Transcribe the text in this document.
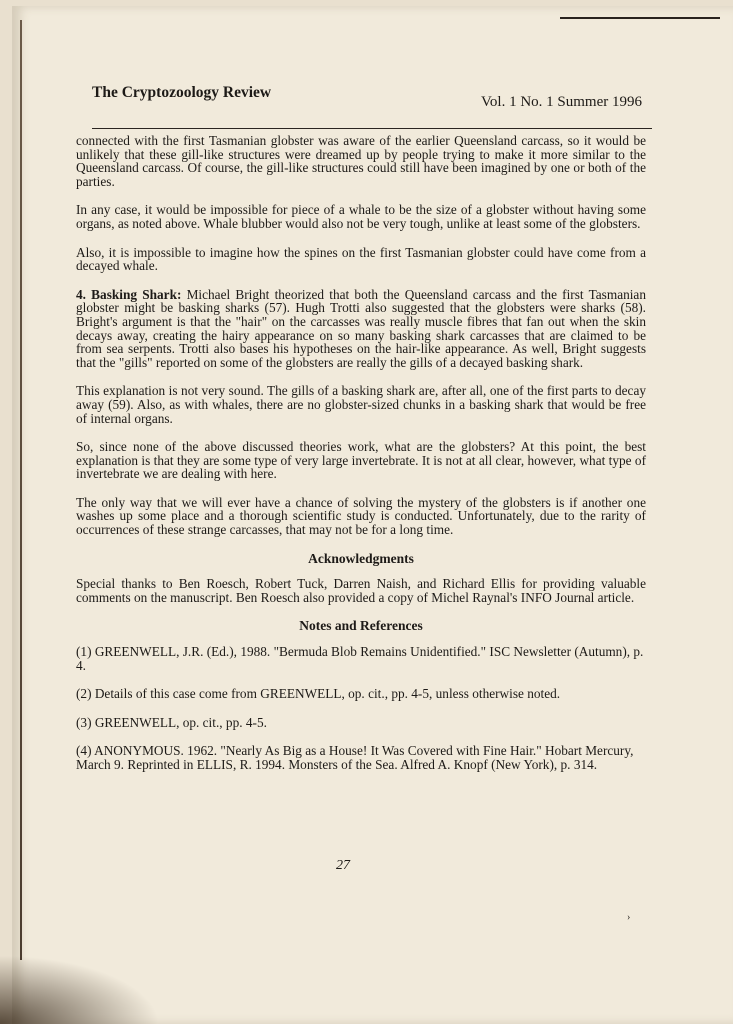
The Cryptozoology Review
Vol. 1 No. 1 Summer 1996

connected with the first Tasmanian globster was aware of the earlier Queensland carcass, so it would be unlikely that these gill-like structures were dreamed up by people trying to make it more similar to the Queensland carcass. Of course, the gill-like structures could still have been imagined by one or both of the parties.

In any case, it would be impossible for piece of a whale to be the size of a globster without having some organs, as noted above. Whale blubber would also not be very tough, unlike at least some of the globsters.

Also, it is impossible to imagine how the spines on the first Tasmanian globster could have come from a decayed whale.

4. Basking Shark: Michael Bright theorized that both the Queensland carcass and the first Tasmanian globster might be basking sharks (57). Hugh Trotti also suggested that the globsters were sharks (58). Bright's argument is that the "hair" on the carcasses was really muscle fibres that fan out when the skin decays away, creating the hairy appearance on so many basking shark carcasses that are claimed to be from sea serpents. Trotti also bases his hypotheses on the hair-like appearance. As well, Bright suggests that the "gills" reported on some of the globsters are really the gills of a decayed basking shark.

This explanation is not very sound. The gills of a basking shark are, after all, one of the first parts to decay away (59). Also, as with whales, there are no globster-sized chunks in a basking shark that would be free of internal organs.

So, since none of the above discussed theories work, what are the globsters? At this point, the best explanation is that they are some type of very large invertebrate. It is not at all clear, however, what type of invertebrate we are dealing with here.

The only way that we will ever have a chance of solving the mystery of the globsters is if another one washes up some place and a thorough scientific study is conducted. Unfortunately, due to the rarity of occurrences of these strange carcasses, that may not be for a long time.

Acknowledgments

Special thanks to Ben Roesch, Robert Tuck, Darren Naish, and Richard Ellis for providing valuable comments on the manuscript. Ben Roesch also provided a copy of Michel Raynal's INFO Journal article.

Notes and References

(1) GREENWELL, J.R. (Ed.), 1988. "Bermuda Blob Remains Unidentified." ISC Newsletter (Autumn), p. 4.

(2) Details of this case come from GREENWELL, op. cit., pp. 4-5, unless otherwise noted.

(3) GREENWELL, op. cit., pp. 4-5.

(4) ANONYMOUS. 1962. "Nearly As Big as a House! It Was Covered with Fine Hair." Hobart Mercury, March 9. Reprinted in ELLIS, R. 1994. Monsters of the Sea. Alfred A. Knopf (New York), p. 314.

27
›
